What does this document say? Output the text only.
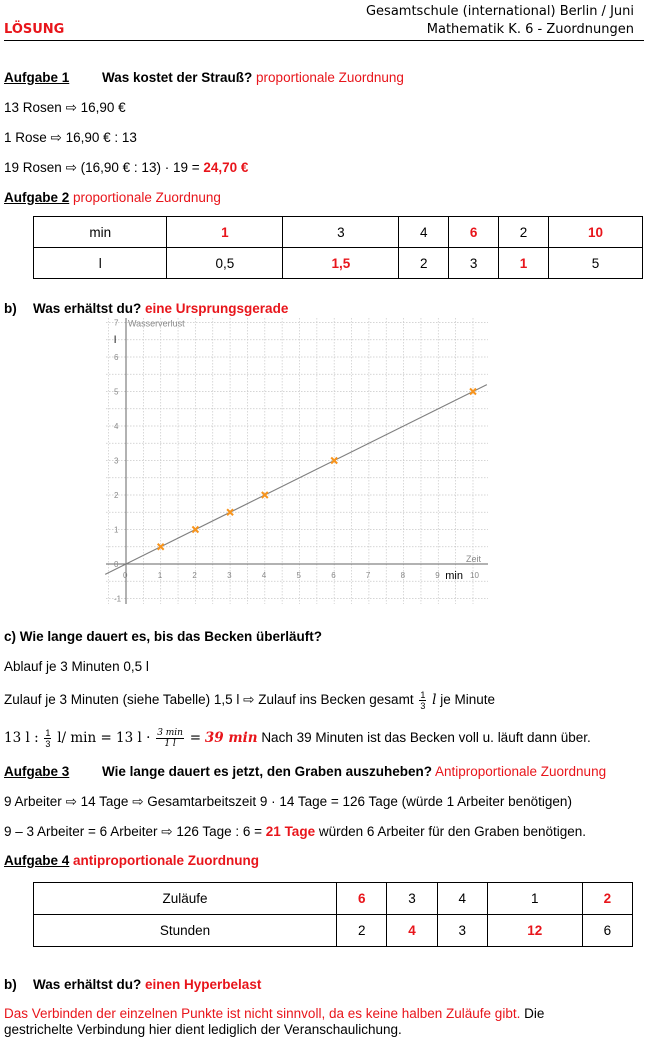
LÖSUNG
Gesamtschule (international) Berlin / Juni
Mathematik K. 6 - Zuordnungen
Aufgabe 1 Was kostet der Strauß? proportionale Zuordnung
13 Rosen ⇨ 16,90 €
1 Rose ⇨ 16,90 € : 13
19 Rosen ⇨ (16,90 € : 13) · 19 = 24,70 €
Aufgabe 2 proportionale Zuordnung
min	1	3	4	6	2	10
l	0,5	1,5	2	3	1	5
b) Was erhältst du? eine Ursprungsgerade
0	1	2	3	4	5	6	7	8	9	10
-1
0
1
2
3
4
5
6
7 Wasserverlust
l
Zeit
min
c) Wie lange dauert es, bis das Becken überläuft?
Ablauf je 3 Minuten 0,5 l
Zulauf je 3 Minuten (siehe Tabelle) 1,5 l ⇨ Zulauf ins Becken gesamt $\frac{1}{3}$ l je Minute
13 l : $\frac{1}{3} l/$ min = 13 $l \cdot \frac{3 \min}{1 l} = 39$ min Nach 39 Minuten ist das Becken voll u. läuft dann über.
Aufgabe 3 Wie lange dauert es jetzt, den Graben auszuheben? Antiproportionale Zuordnung
9 Arbeiter ⇨ 14 Tage ⇨ Gesamtarbeitszeit 9 · 14 Tage = 126 Tage (würde 1 Arbeiter benötigen)
9 – 3 Arbeiter = 6 Arbeiter ⇨ 126 Tage : 6 = 21 Tage würden 6 Arbeiter für den Graben benötigen.
Aufgabe 4 antiproportionale Zuordnung
Zuläufe	6	3	4	1	2
Stunden	2	4	3	12	6
b) Was erhältst du? einen Hyperbelast
Das Verbinden der einzelnen Punkte ist nicht sinnvoll, da es keine halben Zuläufe gibt. Die
gestrichelte Verbindung hier dient lediglich der Veranschaulichung.
